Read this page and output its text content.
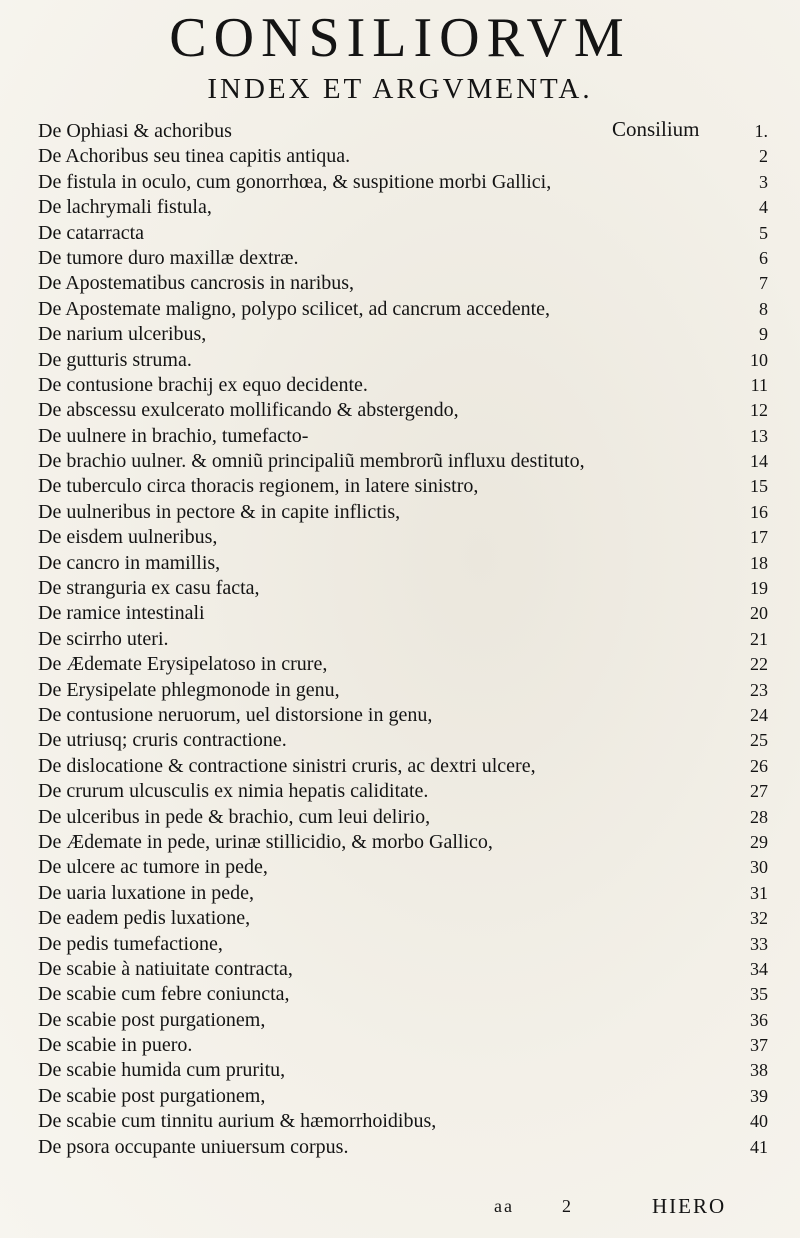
CONSILIORVM
INDEX ET ARGVMENTA.
Consilium
De Ophiasi & achoribus	1.
De Achoribus seu tinea capitis antiqua.	2
De fistula in oculo, cum gonorrhœa, & suspitione morbi Gallici,	3
De lachrymali fistula,	4
De catarracta	5
De tumore duro maxillæ dextræ.	6
De Apostematibus cancrosis in naribus,	7
De Apostemate maligno, polypo scilicet, ad cancrum accedente,	8
De narium ulceribus,	9
De gutturis struma.	10
De contusione brachij ex equo decidente.	11
De abscessu exulcerato mollificando & abstergendo,	12
De uulnere in brachio, tumefacto-	13
De brachio uulner. & omniũ principaliũ membrorũ influxu destituto,	14
De tuberculo circa thoracis regionem, in latere sinistro,	15
De uulneribus in pectore & in capite inflictis,	16
De eisdem uulneribus,	17
De cancro in mamillis,	18
De stranguria ex casu facta,	19
De ramice intestinali	20
De scirrho uteri.	21
De Ædemate Erysipelatoso in crure,	22
De Erysipelate phlegmonode in genu,	23
De contusione neruorum, uel distorsione in genu,	24
De utriusq; cruris contractione.	25
De dislocatione & contractione sinistri cruris, ac dextri ulcere,	26
De crurum ulcusculis ex nimia hepatis caliditate.	27
De ulceribus in pede & brachio, cum leui delirio,	28
De Ædemate in pede, urinæ stillicidio, & morbo Gallico,	29
De ulcere ac tumore in pede,	30
De uaria luxatione in pede,	31
De eadem pedis luxatione,	32
De pedis tumefactione,	33
De scabie à natiuitate contracta,	34
De scabie cum febre coniuncta,	35
De scabie post purgationem,	36
De scabie in puero.	37
De scabie humida cum pruritu,	38
De scabie post purgationem,	39
De scabie cum tinnitu aurium & hæmorrhoidibus,	40
De psora occupante uniuersum corpus.	41
aa	2	HIERO
